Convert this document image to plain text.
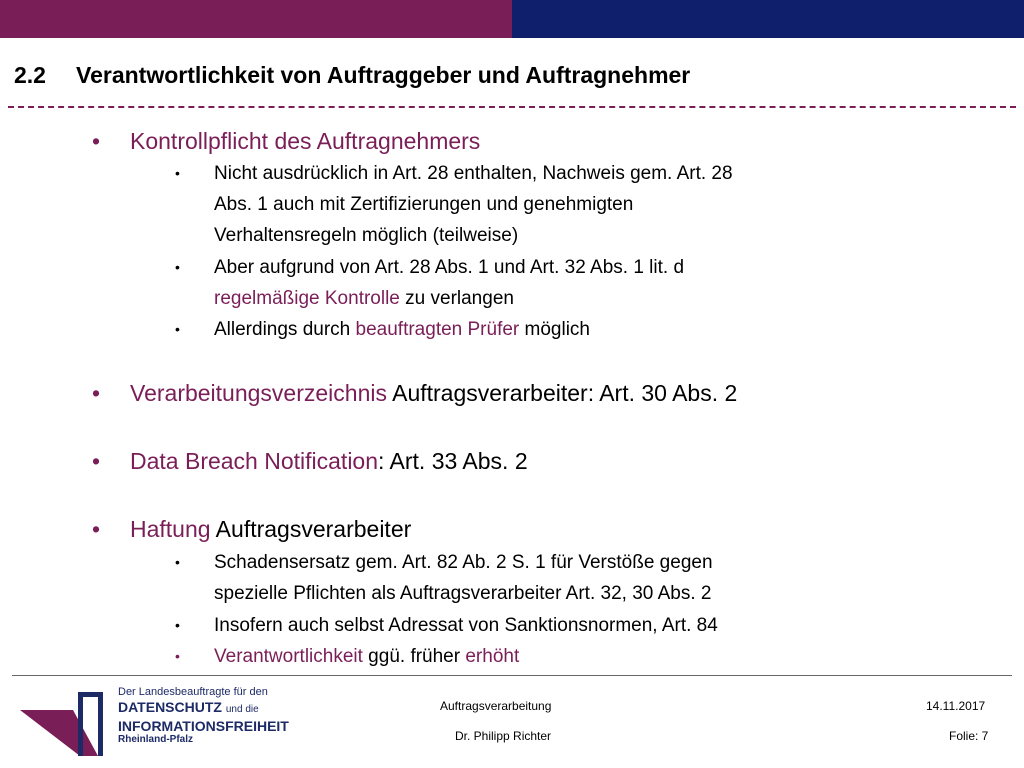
2.2 Verantwortlichkeit von Auftraggeber und Auftragnehmer
• Kontrollpflicht des Auftragnehmers
• Nicht ausdrücklich in Art. 28 enthalten, Nachweis gem. Art. 28
Abs. 1 auch mit Zertifizierungen und genehmigten
Verhaltensregeln möglich (teilweise)
• Aber aufgrund von Art. 28 Abs. 1 und Art. 32 Abs. 1 lit. d
regelmäßige Kontrolle zu verlangen
• Allerdings durch beauftragten Prüfer möglich
• Verarbeitungsverzeichnis Auftragsverarbeiter: Art. 30 Abs. 2
• Data Breach Notification: Art. 33 Abs. 2
• Haftung Auftragsverarbeiter
• Schadensersatz gem. Art. 82 Ab. 2 S. 1 für Verstöße gegen
spezielle Pflichten als Auftragsverarbeiter Art. 32, 30 Abs. 2
• Insofern auch selbst Adressat von Sanktionsnormen, Art. 84
• Verantwortlichkeit ggü. früher erhöht
Der Landesbeauftragte für den
DATENSCHUTZ und die
INFORMATIONSFREIHEIT
Rheinland-Pfalz
Auftragsverarbeitung	14.11.2017
Dr. Philipp Richter	Folie: 7
